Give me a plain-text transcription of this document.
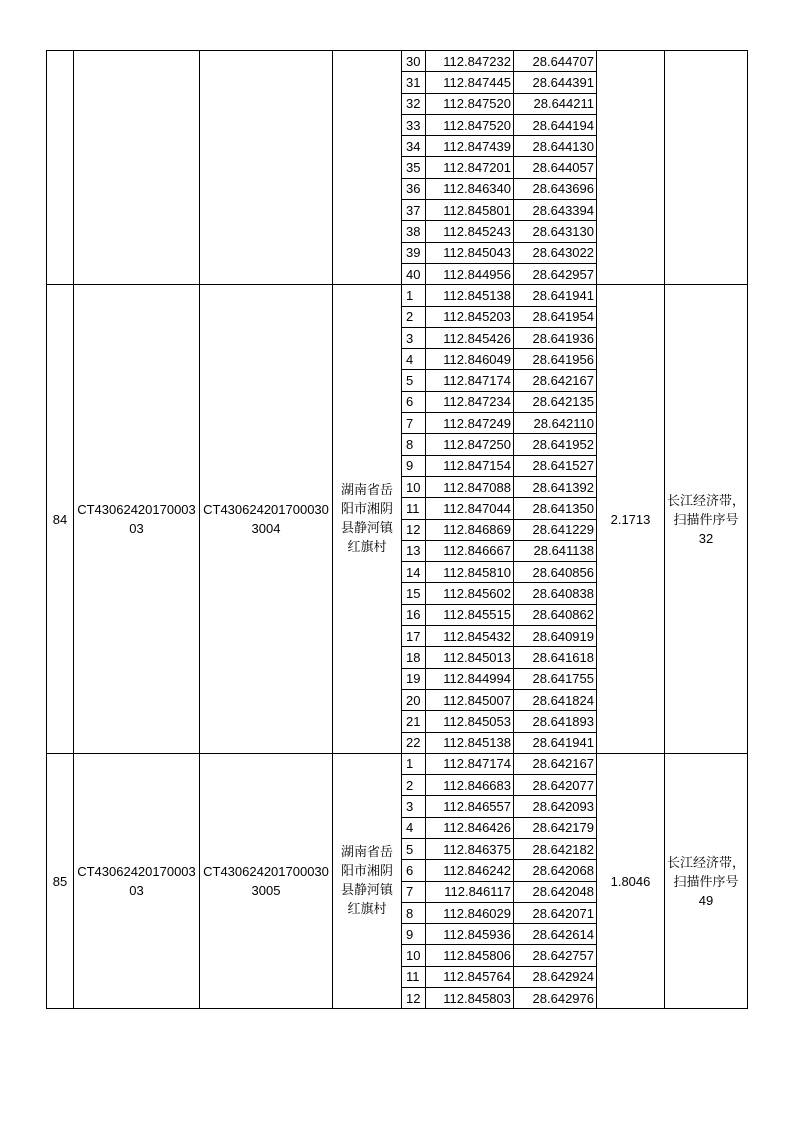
				30	112.847232	28.644707		
				31	112.847445	28.644391		
				32	112.847520	28.644211		
				33	112.847520	28.644194		
				34	112.847439	28.644130		
				35	112.847201	28.644057		
				36	112.846340	28.643696		
				37	112.845801	28.643394		
				38	112.845243	28.643130		
				39	112.845043	28.643022		
				40	112.844956	28.642957		
84	CT4306242017000303	CT4306242017000303004	湖南省岳阳市湘阴县静河镇红旗村	1	112.845138	28.641941	2.1713	长江经济带，扫描件序号 32
				2	112.845203	28.641954		
				3	112.845426	28.641936		
				4	112.846049	28.641956		
				5	112.847174	28.642167		
				6	112.847234	28.642135		
				7	112.847249	28.642110		
				8	112.847250	28.641952		
				9	112.847154	28.641527		
				10	112.847088	28.641392		
				11	112.847044	28.641350		
				12	112.846869	28.641229		
				13	112.846667	28.641138		
				14	112.845810	28.640856		
				15	112.845602	28.640838		
				16	112.845515	28.640862		
				17	112.845432	28.640919		
				18	112.845013	28.641618		
				19	112.844994	28.641755		
				20	112.845007	28.641824		
				21	112.845053	28.641893		
				22	112.845138	28.641941		
85	CT4306242017000303	CT4306242017000303005	湖南省岳阳市湘阴县静河镇红旗村	1	112.847174	28.642167	1.8046	长江经济带，扫描件序号 49
				2	112.846683	28.642077		
				3	112.846557	28.642093		
				4	112.846426	28.642179		
				5	112.846375	28.642182		
				6	112.846242	28.642068		
				7	112.846117	28.642048		
				8	112.846029	28.642071		
				9	112.845936	28.642614		
				10	112.845806	28.642757		
				11	112.845764	28.642924		
				12	112.845803	28.642976		
